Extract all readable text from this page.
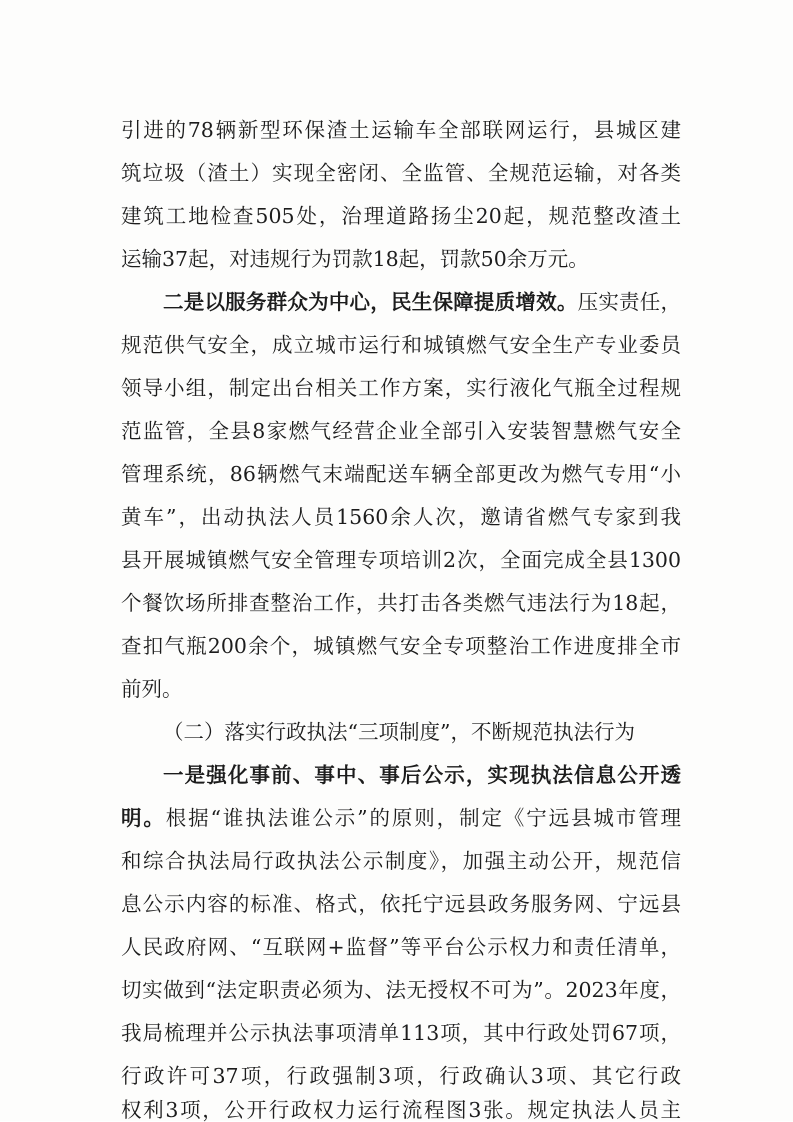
引进的78辆新型环保渣土运输车全部联网运行，县城区建
筑垃圾（渣土）实现全密闭、全监管、全规范运输，对各类
建筑工地检查505处，治理道路扬尘20起，规范整改渣土
运输37起，对违规行为罚款18起，罚款50余万元。
二是以服务群众为中心，民生保障提质增效。压实责任，
规范供气安全，成立城市运行和城镇燃气安全生产专业委员
领导小组，制定出台相关工作方案，实行液化气瓶全过程规
范监管，全县8家燃气经营企业全部引入安装智慧燃气安全
管理系统，86辆燃气末端配送车辆全部更改为燃气专用“小
黄车”，出动执法人员1560余人次，邀请省燃气专家到我
县开展城镇燃气安全管理专项培训2次，全面完成全县1300
个餐饮场所排查整治工作，共打击各类燃气违法行为18起，
查扣气瓶200余个，城镇燃气安全专项整治工作进度排全市
前列。
（二）落实行政执法“三项制度”，不断规范执法行为
一是强化事前、事中、事后公示，实现执法信息公开透
明。根据“谁执法谁公示”的原则，制定《宁远县城市管理
和综合执法局行政执法公示制度》，加强主动公开，规范信
息公示内容的标准、格式，依托宁远县政务服务网、宁远县
人民政府网、“互联网+监督”等平台公示权力和责任清单，
切实做到“法定职责必须为、法无授权不可为”。2023年度，
我局梳理并公示执法事项清单113项，其中行政处罚67项，
行政许可37项，行政强制3项，行政确认3项、其它行政
权利3项，公开行政权力运行流程图3张。规定执法人员主
